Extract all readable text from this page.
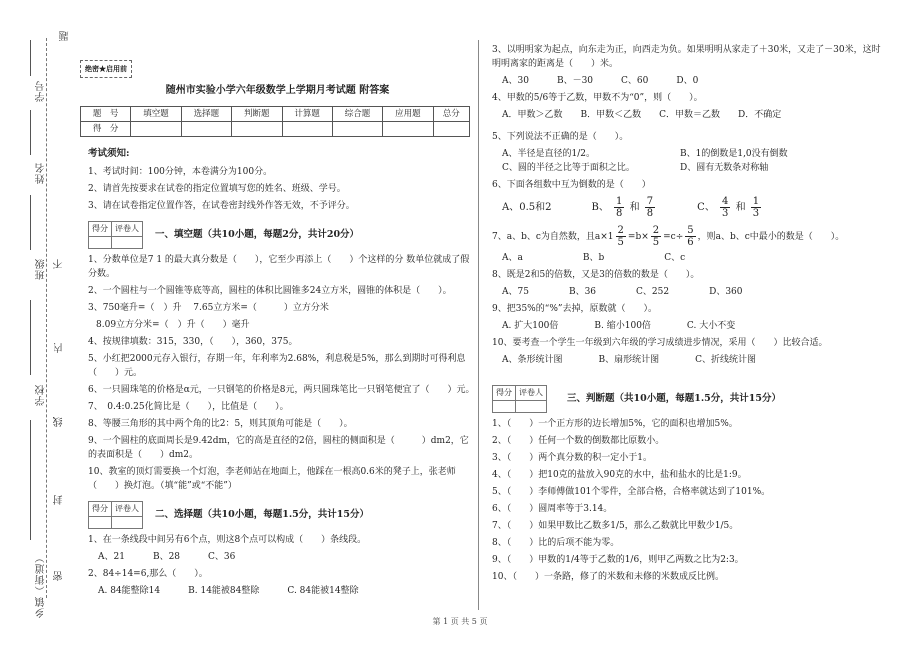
题
学号
姓名
班级 不
内
学校
线
封
乡镇（街道） 密
绝密★启用前
随州市实验小学六年级数学上学期月考试题 附答案
题　号	填空题	选择题	判断题	计算题	综合题	应用题	总分
得　分							
考试须知:
1、考试时间：100分钟，本卷满分为100分。
2、请首先按要求在试卷的指定位置填写您的姓名、班级、学号。
3、请在试卷指定位置作答，在试卷密封线外作答无效，不予评分。
得分	评卷人

一、填空题（共10小题，每题2分，共计20分）
1、分数单位是7 1 的最大真分数是（　　），它至少再添上（　　）个这样的分 数单位就成了假分数。
2、一个圆柱与一个圆锥等底等高，圆柱的体积比圆锥多24立方米，圆锥的体积是（　　）。
3、750毫升=（　）升　 7.65立方米=（　　　）立方分米
8.09立方分米=（　）升（　　）毫升
4、按规律填数：315，330，（　　），360，375。
5、小红把2000元存入银行，存期一年，年利率为2.68%，利息税是5%，那么到期时可得利息（　　）元。
6、一只圆珠笔的价格是α元，一只钢笔的价格是8元，两只圆珠笔比一只钢笔便宜了（　　）元。
7、　0.4:0.25化简比是（　　），比值是（　　）。
8、等腰三角形的其中两个角的比2：5，则其顶角可能是（　　）。
9、一个圆柱的底面周长是9.42dm，它的高是直径的2倍，圆柱的侧面积是（　　　）dm2，它的表面积是（　　）dm2。
10、教室的顶灯需要换一个灯泡，李老师站在地面上，他踩在一根高0.6米的凳子上，张老师（　　）换灯泡。（填“能”或“不能”）
得分	评卷人

二、选择题（共10小题，每题1.5分，共计15分）
1、在一条线段中间另有6个点，则这8个点可以构成（　　）条线段。
A、21	B、28	C、36
2、84÷14=6,那么（　　）。
A. 84能整除14	B. 14能被84整除	C. 84能被14整除
3、以明明家为起点，向东走为正，向西走为负。如果明明从家走了＋30米，又走了－30米，这时明明离家的距离是（　　）米。
A、30	B、－30	C、60	D、0
4、甲数的5/6等于乙数，甲数不为“0”，则（　　）。
A．甲数＞乙数 B．甲数＜乙数 C．甲数＝乙数 D．不确定
5、下列说法不正确的是（　　）。
A、半径是直径的1/2。	B、1的倒数是1,0没有倒数
C、圆的半径之比等于面积之比。	D、圆有无数条对称轴
6、下面各组数中互为倒数的是（　　）
A、0.5和2	B、 $\frac{1}{8}$ 和 $\frac{7}{8}$	C、 $\frac{4}{3}$ 和 $\frac{1}{3}$
7、a、b、c为自然数，且$a\times 1 \frac{2}{5} =b\times \frac{2}{5} =c\div \frac{5}{6}$ ，则a、b、c中最小的数是（　　）。
A、a	B、b	C、c
8、既是2和5的倍数，又是3的倍数的数是（　　）。
A、75	B、36	C、252	D、360
9、把35%的“%”去掉，原数就（　　）。
A. 扩大100倍	B. 缩小100倍	C. 大小不变
10、要考查一个学生一年级到六年级的学习成绩进步情况，采用（　　）比较合适。
A、条形统计图	B、扇形统计图	C、折线统计图
得分	评卷人

三、判断题（共10小题，每题1.5分，共计15分）
1、（　　）一个正方形的边长增加5%，它的面积也增加5%。
2、（　　）任何一个数的倒数都比原数小。
3、（　　）两个真分数的积一定小于1。
4、（　　）把10克的盐放入90克的水中，盐和盐水的比是1:9。
5、（　　）李师傅做101个零件，全部合格，合格率就达到了101%。
6、（　　）圆周率等于3.14。
7、（　　）如果甲数比乙数多1/5，那么乙数就比甲数少1/5。
8、（　　）比的后项不能为零。
9、（　　）甲数的1/4等于乙数的1/6，则甲乙两数之比为2:3。
10、（　　）一条路，修了的米数和未修的米数成反比例。
第 1 页 共 5 页
